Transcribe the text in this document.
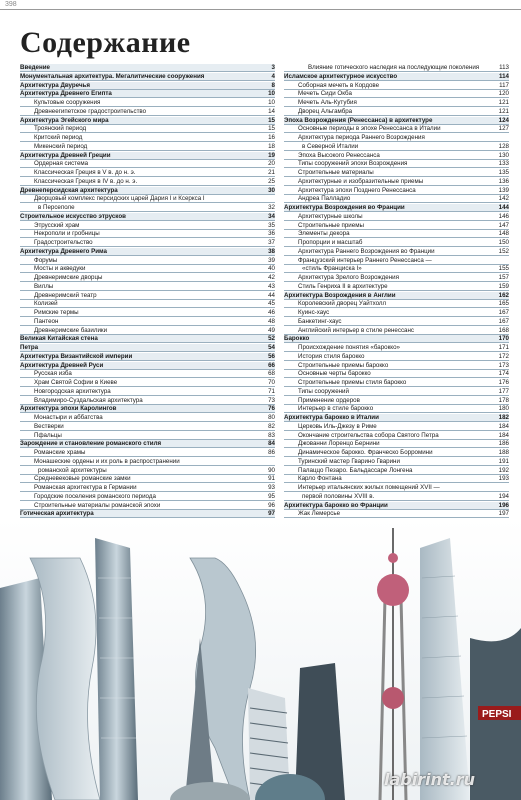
398
Содержание
Введение	3
Монументальная архитектура. Мегалитические сооружения	4
Архитектура Двуречья	8
Архитектура Древнего Египта	10
Культовые сооружения	10
Древнеегипетское градостроительство	14
Архитектура Эгейского мира	15
Троянский период	15
Критский период	16
Микенский период	18
Архитектура Древней Греции	19
Ордерная система	20
Классическая Греция в V в. до н. э.	21
Классическая Греция в IV в. до н. э.	25
Древнеперсидская архитектура	30
Дворцовый комплекс персидских царей Дария I и Ксеркса I
в Персеполе	32
Строительное искусство этрусков	34
Этрусский храм	35
Некрополи и гробницы	36
Градостроительство	37
Архитектура Древнего Рима	38
Форумы	39
Мосты и акведуки	40
Древнеримские дворцы	42
Виллы	43
Древнеримский театр	44
Колизей	45
Римские термы	46
Пантеон	48
Древнеримские базилики	49
Великая Китайская стена	52
Петра	54
Архитектура Византийской империи	56
Архитектура Древней Руси	66
Русская изба	68
Храм Святой Софии в Киеве	70
Новгородская архитектура	71
Владимиро-Суздальская архитектура	73
Архитектура эпохи Каролингов	76
Монастыри и аббатства	80
Вестверки	82
Пфальцы	83
Зарождение и становление романского стиля	84
Романские храмы	86
Монашеские ордены и их роль в распространении
романской архитектуры	90
Средневековые романские замки	91
Романская архитектура в Германии	93
Городские поселения романского периода	95
Строительные материалы романской эпохи	96
Готическая архитектура	97
Влияние готического наследия на последующие поколения	113
Исламское архитектурное искусство	114
Соборная мечеть в Кордове	117
Мечеть Сиди Окба	120
Мечеть Аль-Кутубия	121
Дворец Альгамбра	121
Эпоха Возрождения (Ренессанса) в архитектуре	124
Основные периоды в эпохе Ренессанса в Италии	127
Архитектура периода Раннего Возрождения
в Северной Италии	128
Эпоха Высокого Ренессанса	130
Типы сооружений эпохи Возрождения	133
Строительные материалы	135
Архитектурные и изобразительные приемы	136
Архитектура эпохи Позднего Ренессанса	139
Андреа Палладио	142
Архитектура Возрождения во Франции	144
Архитектурные школы	146
Строительные приемы	147
Элементы декора	148
Пропорции и масштаб	150
Архитектура Раннего Возрождения во Франции	152
Французский интерьер Раннего Ренессанса —
«стиль Франциска I»	155
Архитектура Зрелого Возрождения	157
Стиль Генриха II в архитектуре	159
Архитектура Возрождения в Англии	162
Королевский дворец Уайтхолл	165
Куинс-хаус	167
Банкетинг-хаус	167
Английский интерьер в стиле ренессанс	168
Барокко	170
Происхождение понятия «барокко»	171
История стиля барокко	172
Строительные приемы барокко	173
Основные черты барокко	174
Строительные приемы стиля барокко	176
Типы сооружений	177
Применение ордеров	178
Интерьер в стиле барокко	180
Архитектура барокко в Италии	182
Церковь Иль-Джезу в Риме	184
Окончание строительства собора Святого Петра	184
Джованни Лоренцо Бернини	186
Динамическое барокко. Франческо Борромини	188
Туринский мастер Гварино Гварини	191
Палаццо Пезаро. Бальдассаре Лонгена	192
Карло Фонтана	193
Интерьер итальянских жилых помещений XVII —
первой половины XVIII в.	194
Архитектура барокко во Франции	196
Жак Лемерсье	197
PEPSI
labirint.ru
